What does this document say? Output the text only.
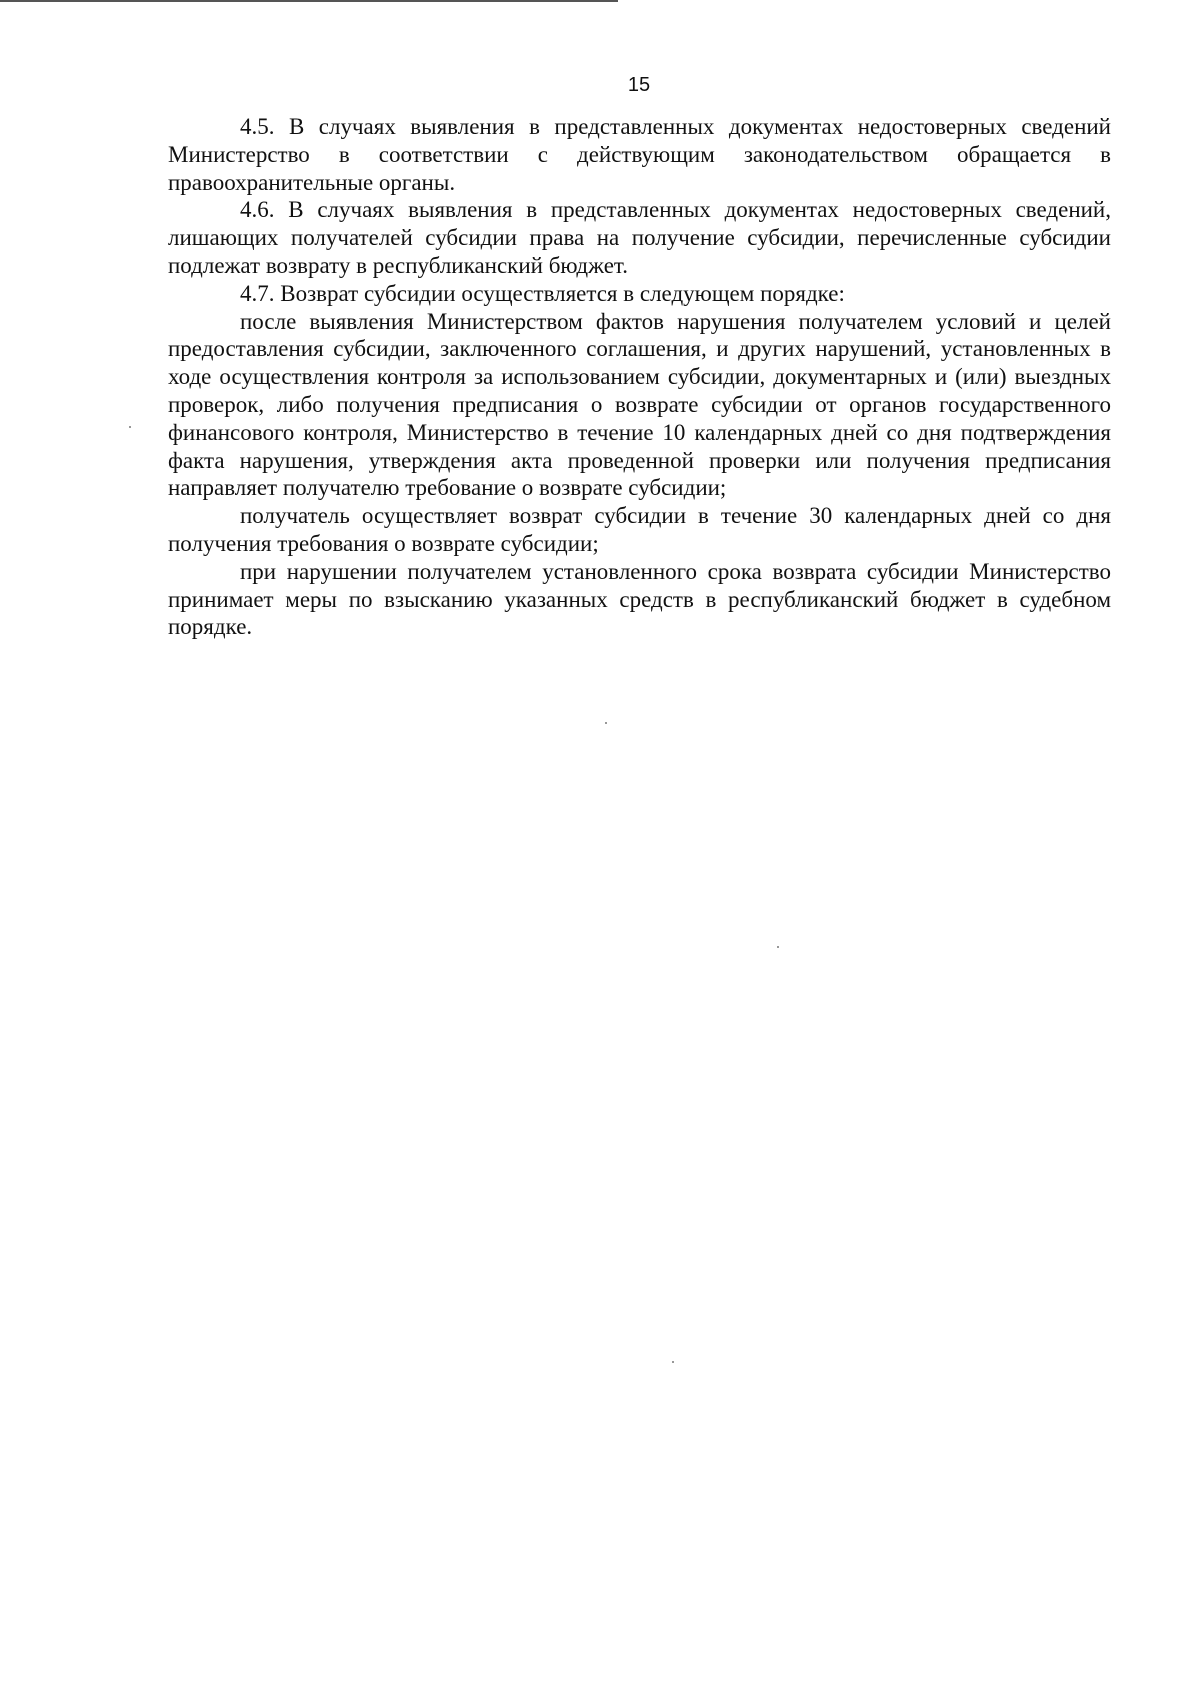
15

4.5. В случаях выявления в представленных документах недостоверных сведений Министерство в соответствии с действующим законодательством обращается в правоохранительные органы.

4.6. В случаях выявления в представленных документах недостоверных сведений, лишающих получателей субсидии права на получение субсидии, перечисленные субсидии подлежат возврату в республиканский бюджет.

4.7. Возврат субсидии осуществляется в следующем порядке:

после выявления Министерством фактов нарушения получателем условий и целей предоставления субсидии, заключенного соглашения, и других нарушений, установленных в ходе осуществления контроля за использованием субсидии, документарных и (или) выездных проверок, либо получения предписания о возврате субсидии от органов государственного финансового контроля, Министерство в течение 10 календарных дней со дня подтверждения факта нарушения, утверждения акта проведенной проверки или получения предписания направляет получателю требование о возврате субсидии;

получатель осуществляет возврат субсидии в течение 30 календарных дней со дня получения требования о возврате субсидии;

при нарушении получателем установленного срока возврата субсидии Министерство принимает меры по взысканию указанных средств в республиканский бюджет в судебном порядке.
